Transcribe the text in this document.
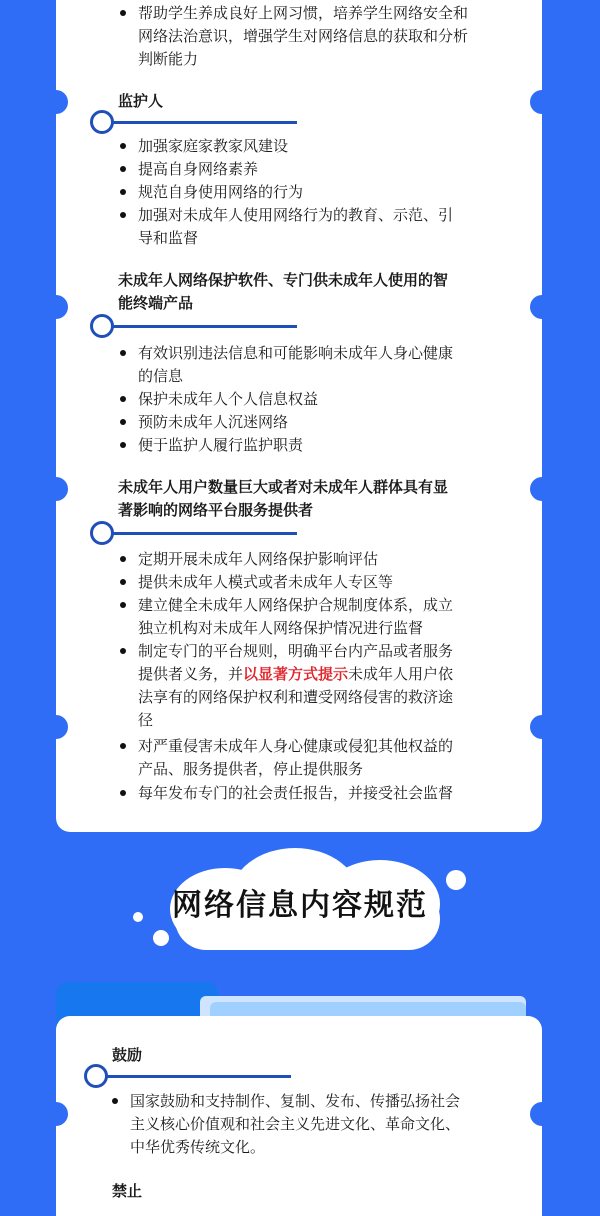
帮助学生养成良好上网习惯，培养学生网络安全和
网络法治意识，增强学生对网络信息的获取和分析
判断能力
监护人
加强家庭家教家风建设
提高自身网络素养
规范自身使用网络的行为
加强对未成年人使用网络行为的教育、示范、引
导和监督
未成年人网络保护软件、专门供未成年人使用的智
能终端产品
有效识别违法信息和可能影响未成年人身心健康
的信息
保护未成年人个人信息权益
预防未成年人沉迷网络
便于监护人履行监护职责
未成年人用户数量巨大或者对未成年人群体具有显
著影响的网络平台服务提供者
定期开展未成年人网络保护影响评估
提供未成年人模式或者未成年人专区等
建立健全未成年人网络保护合规制度体系，成立
独立机构对未成年人网络保护情况进行监督
制定专门的平台规则，明确平台内产品或者服务
提供者义务，并以显著方式提示未成年人用户依
法享有的网络保护权利和遭受网络侵害的救济途
径
对严重侵害未成年人身心健康或侵犯其他权益的
产品、服务提供者，停止提供服务
每年发布专门的社会责任报告，并接受社会监督
网络信息内容规范
鼓励
国家鼓励和支持制作、复制、发布、传播弘扬社会
主义核心价值观和社会主义先进文化、革命文化、
中华优秀传统文化。
禁止
